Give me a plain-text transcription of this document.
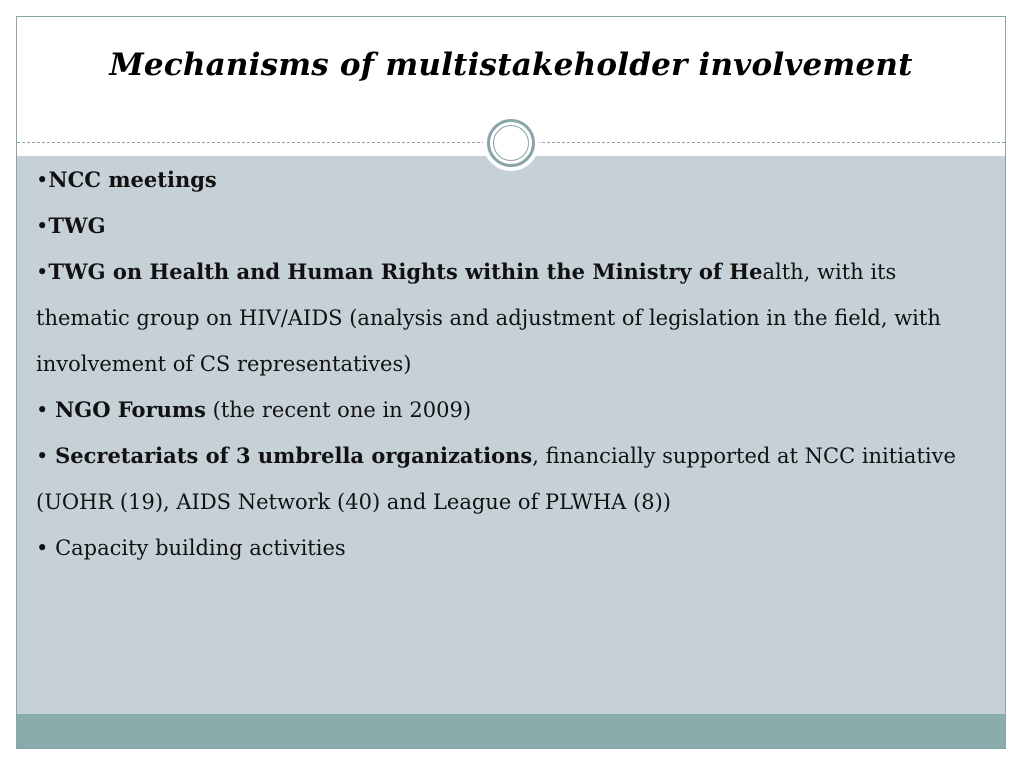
Mechanisms of multistakeholder involvement

•NCC meetings

•TWG

•TWG on Health and Human Rights within the Ministry of Health, with its thematic group on HIV/AIDS (analysis and adjustment of legislation in the field, with involvement of CS representatives)

• NGO Forums (the recent one in 2009)

• Secretariats of 3 umbrella organizations, financially supported at NCC initiative (UOHR (19), AIDS Network (40) and League of PLWHA (8))

• Capacity building activities
